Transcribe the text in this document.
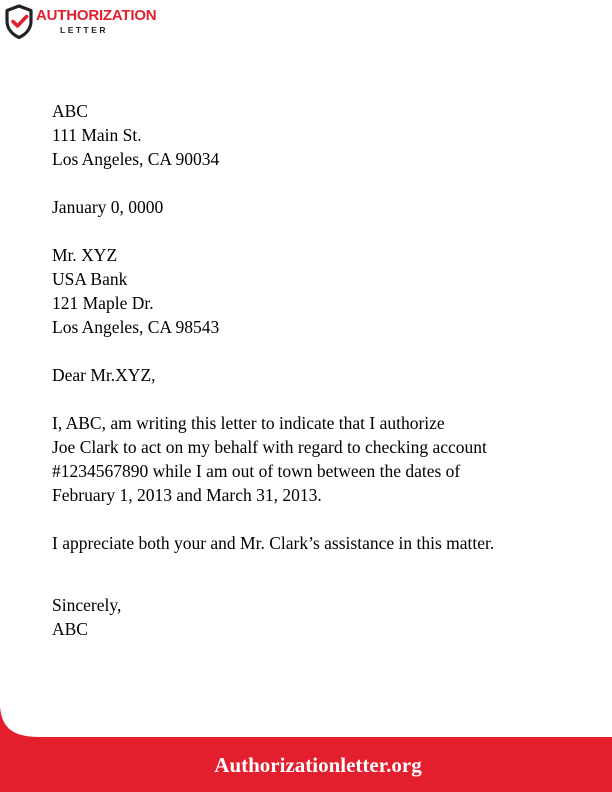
AUTHORIZATION
LETTER
ABC
111 Main St.
Los Angeles, CA 90034
January 0, 0000
Mr. XYZ
USA Bank
121 Maple Dr.
Los Angeles, CA 98543
Dear Mr.XYZ,
I, ABC, am writing this letter to indicate that I authorize
Joe Clark to act on my behalf with regard to checking account
#1234567890 while I am out of town between the dates of
February 1, 2013 and March 31, 2013.
I appreciate both your and Mr. Clark’s assistance in this matter.
Sincerely,
ABC
Authorizationletter.org
